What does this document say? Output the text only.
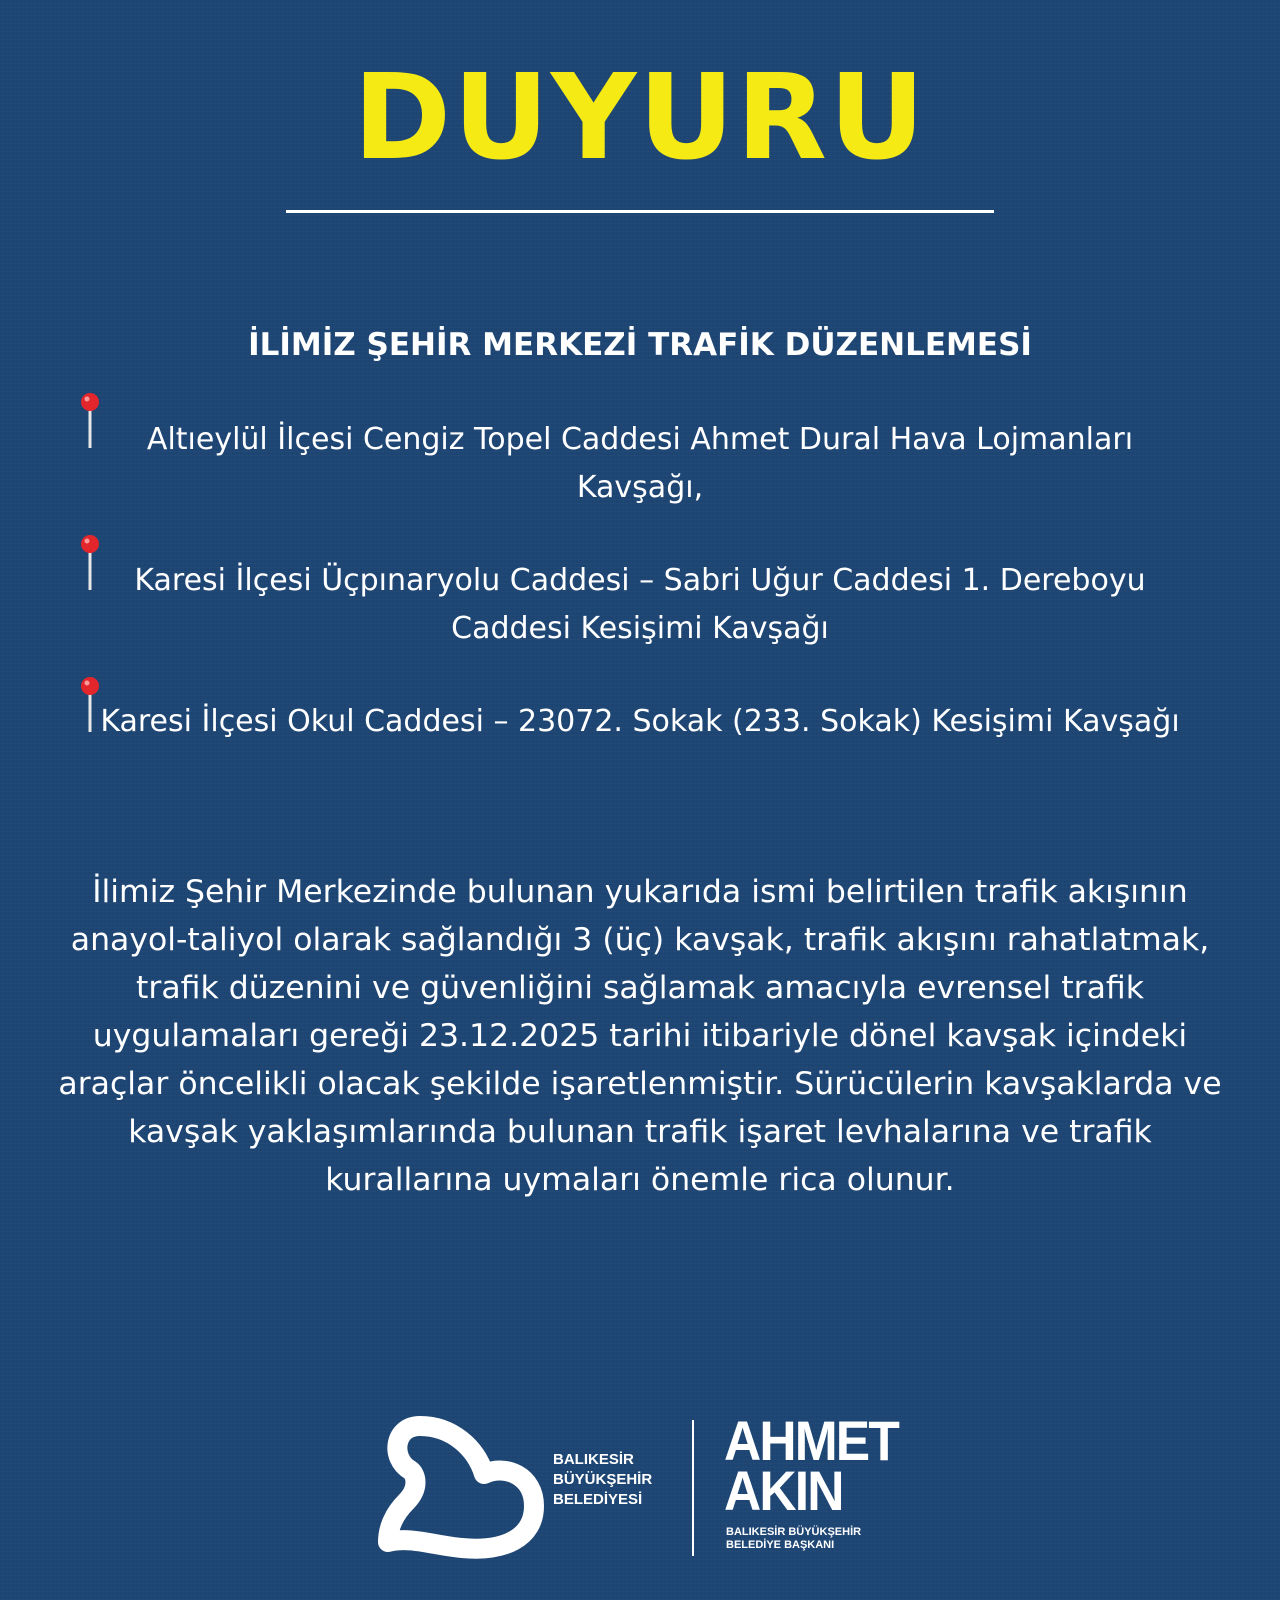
DUYURU
İLİMİZ ŞEHİR MERKEZİ TRAFİK DÜZENLEMESİ
Altıeylül İlçesi Cengiz Topel Caddesi Ahmet Dural Hava Lojmanları Kavşağı,
Karesi İlçesi Üçpınaryolu Caddesi – Sabri Uğur Caddesi 1. Dereboyu Caddesi Kesişimi Kavşağı
Karesi İlçesi Okul Caddesi – 23072. Sokak (233. Sokak) Kesişimi Kavşağı
İlimiz Şehir Merkezinde bulunan yukarıda ismi belirtilen trafik akışının anayol-taliyol olarak sağlandığı 3 (üç) kavşak, trafik akışını rahatlatmak, trafik düzenini ve güvenliğini sağlamak amacıyla evrensel trafik uygulamaları gereği 23.12.2025 tarihi itibariyle dönel kavşak içindeki araçlar öncelikli olacak şekilde işaretlenmiştir. Sürücülerin kavşaklarda ve kavşak yaklaşımlarında bulunan trafik işaret levhalarına ve trafik kurallarına uymaları önemle rica olunur.
BALIKESİR
BÜYÜKŞEHİR
BELEDİYESİ
AHMET
AKIN
BALIKESİR BÜYÜKŞEHİR
BELEDİYE BAŞKANI
